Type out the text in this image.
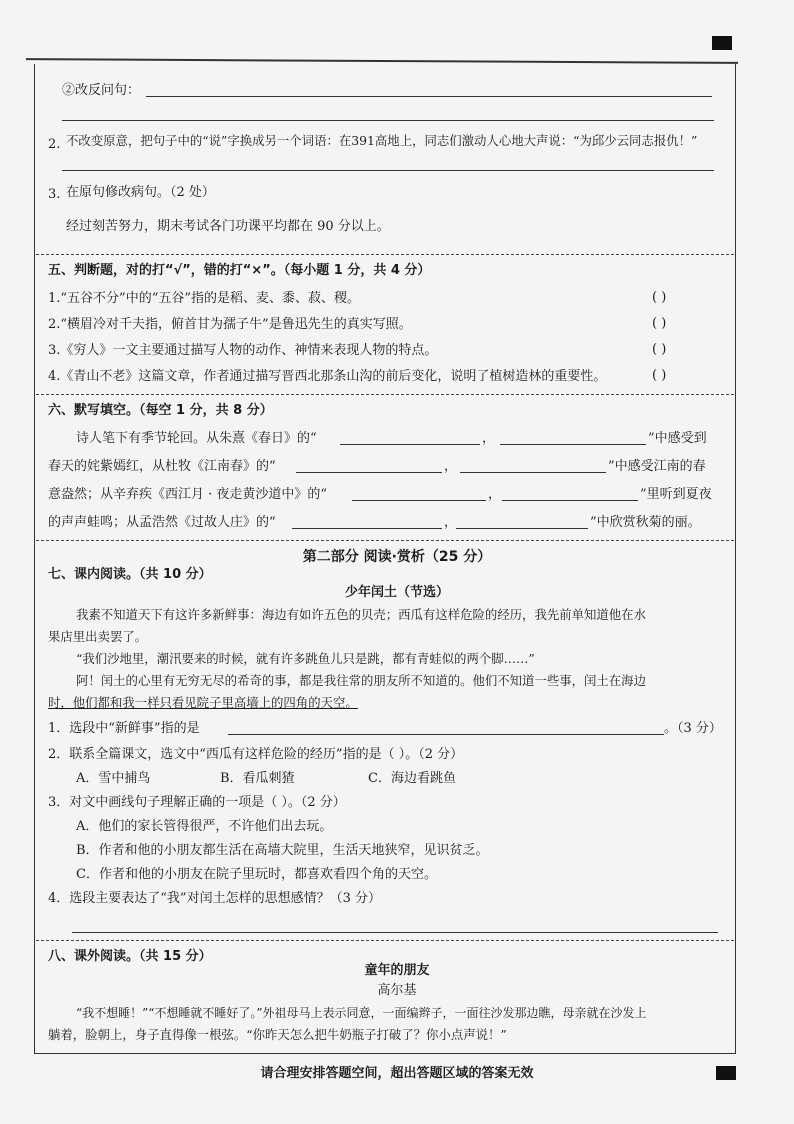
②改反问句：
2. 不改变原意，把句子中的“说”字换成另一个词语：在391高地上，同志们激动人心地大声说：“为邱少云同志报仇！”
3. 在原句修改病句。（2 处）
经过刻苦努力，期末考试各门功课平均都在 90 分以上。
五、判断题，对的打“√”，错的打“×”。（每小题 1 分，共 4 分）
1.“五谷不分”中的“五谷”指的是稻、麦、黍、菽、稷。	( )
2.“横眉冷对千夫指，俯首甘为孺子牛”是鲁迅先生的真实写照。	( )
3.《穷人》一文主要通过描写人物的动作、神情来表现人物的特点。	( )
4.《青山不老》这篇文章，作者通过描写晋西北那条山沟的前后变化，说明了植树造林的重要性。	( )
六、默写填空。（每空 1 分，共 8 分）
诗人笔下有季节轮回。从朱熹《春日》的“	，	”中感受到
春天的姹紫嫣红，从杜牧《江南春》的“	，	”中感受江南的春
意盎然；从辛弃疾《西江月 · 夜走黄沙道中》的“	，	”里听到夏夜
的声声蛙鸣；从孟浩然《过故人庄》的“	，	”中欣赏秋菊的丽。
第二部分 阅读·赏析（25 分）
七、课内阅读。（共 10 分）
少年闰土（节选）
我素不知道天下有这许多新鲜事：海边有如许五色的贝壳；西瓜有这样危险的经历，我先前单知道他在水
果店里出卖罢了。
“我们沙地里，潮汛要来的时候，就有许多跳鱼儿只是跳，都有青蛙似的两个脚……”
阿！闰土的心里有无穷无尽的希奇的事，都是我往常的朋友所不知道的。他们不知道一些事，闰土在海边
时，他们都和我一样只看见院子里高墙上的四角的天空。
1．选段中“新鲜事”指的是	。（3 分）
2．联系全篇课文，选文中“西瓜有这样危险的经历”指的是（ ）。（2 分）
A．雪中捕鸟	B．看瓜刺猹	C．海边看跳鱼
3．对文中画线句子理解正确的一项是（ ）。（2 分）
A．他们的家长管得很严，不许他们出去玩。
B．作者和他的小朋友都生活在高墙大院里，生活天地狭窄，见识贫乏。
C．作者和他的小朋友在院子里玩时，都喜欢看四个角的天空。
4．选段主要表达了“我”对闰土怎样的思想感情？（3 分）
八、课外阅读。（共 15 分）
童年的朋友
高尔基
“我不想睡！”“不想睡就不睡好了。”外祖母马上表示同意，一面编辫子，一面往沙发那边瞧，母亲就在沙发上
躺着，脸朝上，身子直得像一根弦。“你昨天怎么把牛奶瓶子打破了？你小点声说！”
请合理安排答题空间，超出答题区域的答案无效
